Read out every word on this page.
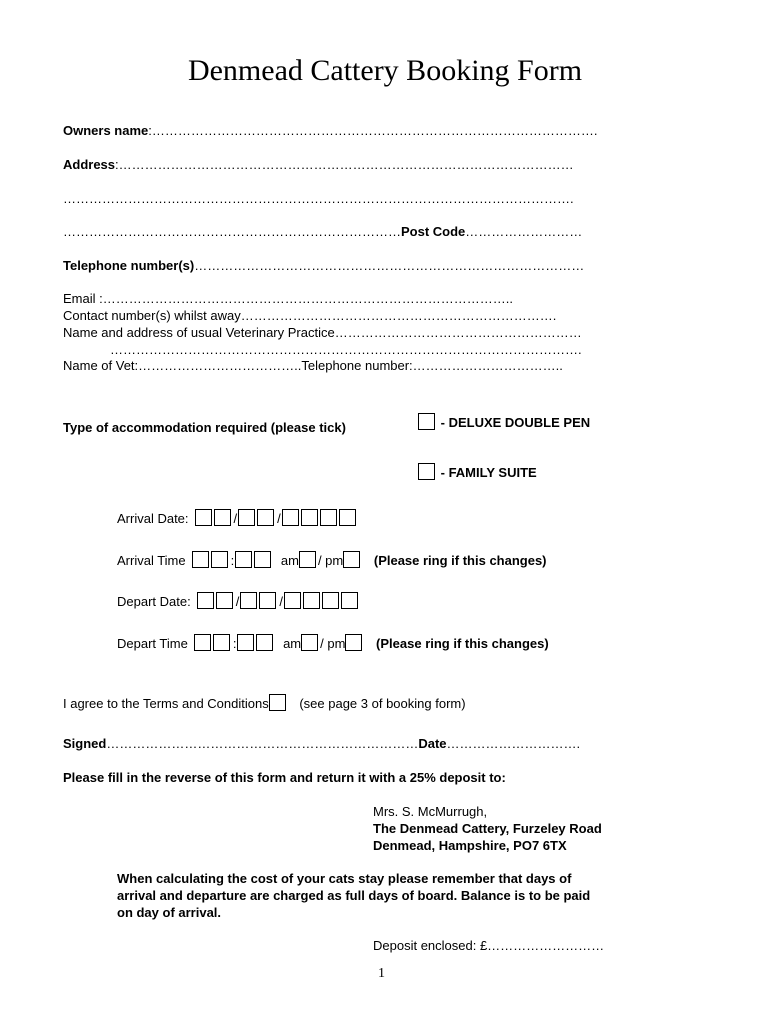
Denmead Cattery Booking Form
Owners name:………………………………………………………………………………………….
Address:……………………………………………………………………………………………
……………………………………………………………………………………………………….
……………………………………………………………………Post Code………………………
Telephone number(s)………………………………………………………………………………
Email :…………………………………………………………………………………..
Contact number(s) whilst away……………………………………………………………….
Name and address of usual Veterinary Practice…………………………………………………
……………………………………………………………………………………………….
Name of Vet:………………………………..Telephone number:……………………………..
Type of accommodation required (please tick)	- DELUXE DOUBLE PEN
- FAMILY SUITE
Arrival Date:	/	/
Arrival Time	:	am / pm (Please ring if this changes)
Depart Date:	/	/
Depart Time	:	am / pm (Please ring if this changes)
I agree to the Terms and Conditions (see page 3 of booking form)
Signed………………………………………………………………Date………………………….
Please fill in the reverse of this form and return it with a 25% deposit to:
Mrs. S. McMurrugh,
The Denmead Cattery, Furzeley Road
Denmead, Hampshire, PO7 6TX
When calculating the cost of your cats stay please remember that days of
arrival and departure are charged as full days of board. Balance is to be paid
on day of arrival.
Deposit enclosed: £………………………
1
